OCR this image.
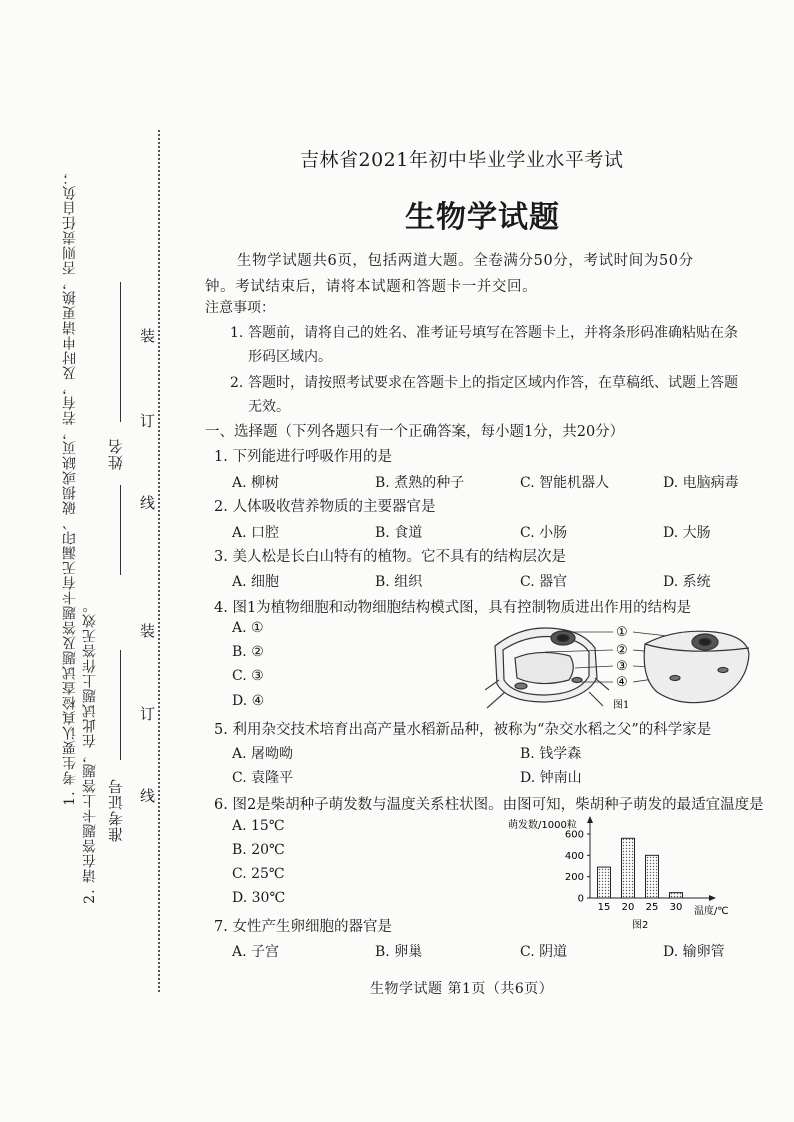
1. 考生要认真检查试题及答题卡有无漏印、破损或缺页，若有，及时申请更换，否则责任自负； 2. 请在答题卡上答题，在此试题上作答无效。
姓名
准考证号
装
订
线
装
订
线
吉林省2021年初中毕业学业水平考试
生物学试题

生物学试题共6页，包括两道大题。全卷满分50分，考试时间为50分

钟。考试结束后，请将本试题和答题卡一并交回。

注意事项：
1. 答题前，请将自己的姓名、准考证号填写在答题卡上，并将条形码准确粘贴在条
形码区域内。
2. 答题时，请按照考试要求在答题卡上的指定区域内作答，在草稿纸、试题上答题
无效。
一、选择题（下列各题只有一个正确答案，每小题1分，共20分）
1. 下列能进行呼吸作用的是
A. 柳树	B. 煮熟的种子	C. 智能机器人	D. 电脑病毒
2. 人体吸收营养物质的主要器官是
A. 口腔	B. 食道	C. 小肠	D. 大肠
3. 美人松是长白山特有的植物。它不具有的结构层次是
A. 细胞	B. 组织	C. 器官	D. 系统
4. 图1为植物细胞和动物细胞结构模式图，具有控制物质进出作用的结构是
A. ①
B. ②
C. ③
D. ④
①
②
③
④
图1
5. 利用杂交技术培育出高产量水稻新品种，被称为“杂交水稻之父”的科学家是
A. 屠呦呦	B. 钱学森
C. 袁隆平	D. 钟南山
6. 图2是柴胡种子萌发数与温度关系柱状图。由图可知，柴胡种子萌发的最适宜温度是
A. 15℃
B. 20℃
C. 25℃
D. 30℃
萌发数/1000粒
0
200
400
600
15 20 25 30 温度/℃
图2
7. 女性产生卵细胞的器官是
A. 子宫	B. 卵巢	C. 阴道	D. 输卵管
生物学试题 第1页（共6页）
